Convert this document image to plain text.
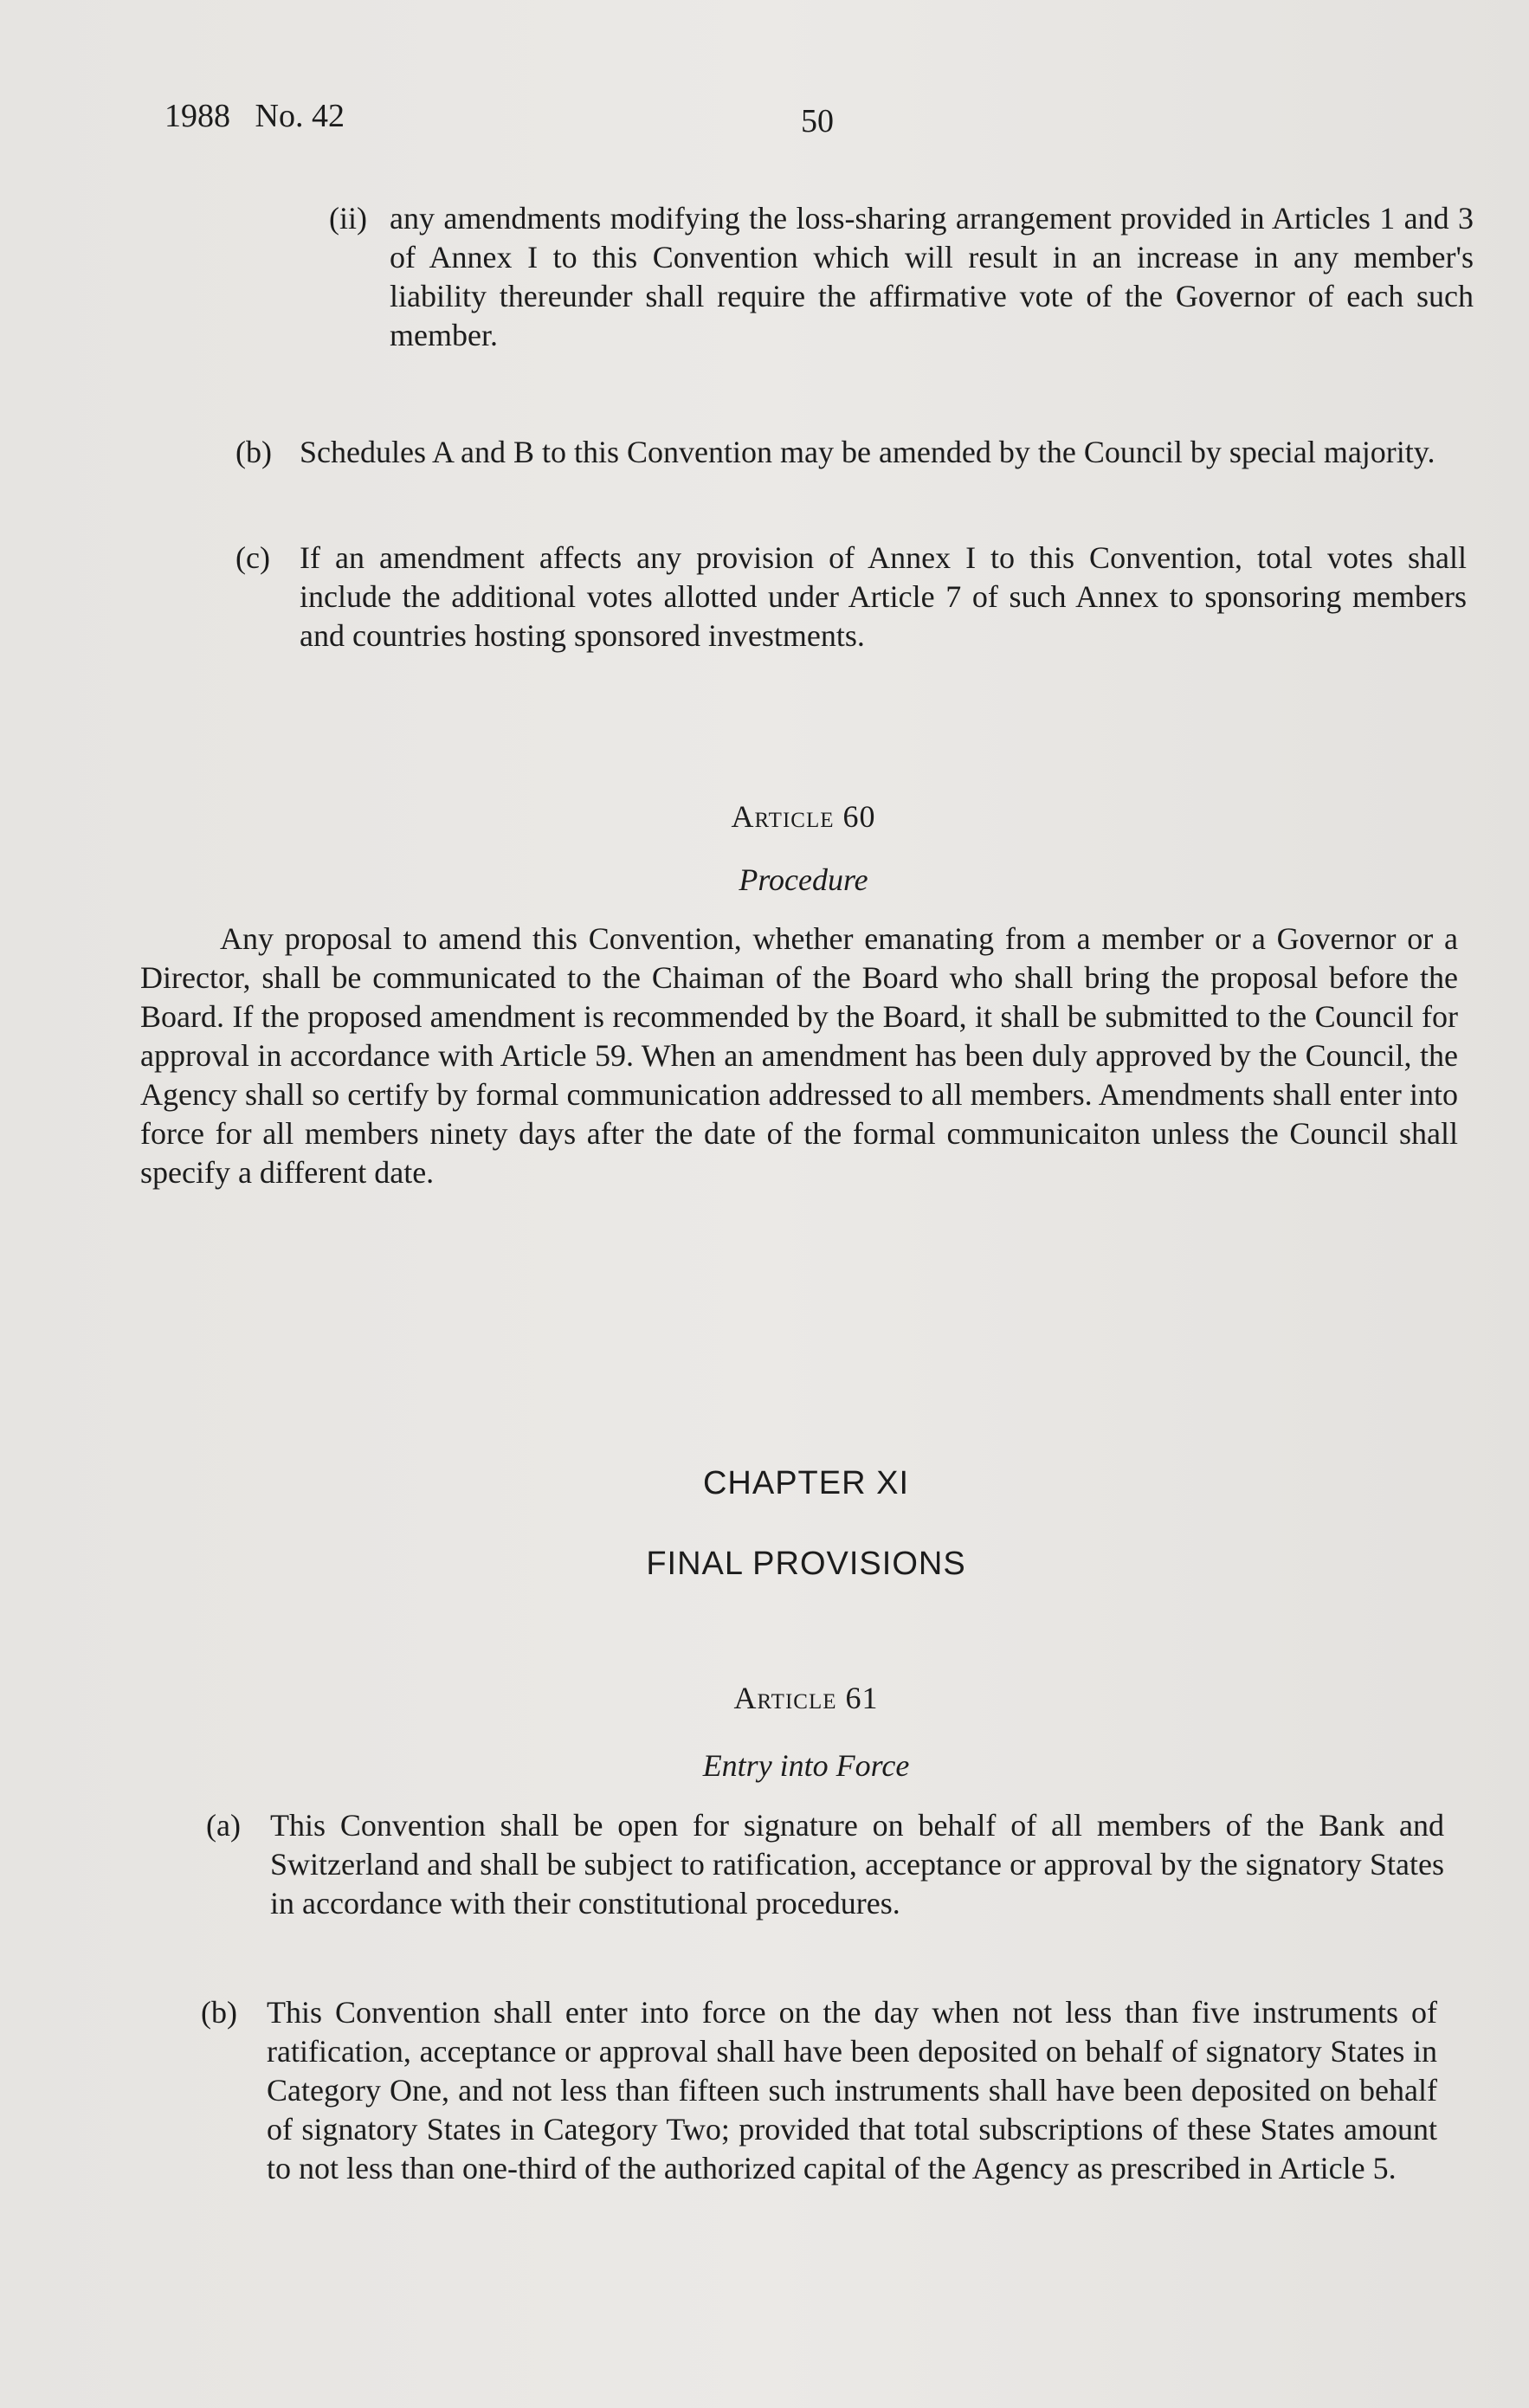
1988   No. 42	50
(ii) any amendments modifying the loss-sharing arrangement provided in Articles 1 and 3 of Annex I to this Convention which will result in an increase in any member's liability thereunder shall require the affirmative vote of the Governor of each such member.
(b) Schedules A and B to this Convention may be amended by the Council by special majority.
(c) If an amendment affects any provision of Annex I to this Convention, total votes shall include the additional votes allotted under Article 7 of such Annex to sponsoring members and countries hosting sponsored investments.
Article 60
Procedure
Any proposal to amend this Convention, whether emanating from a member or a Governor or a Director, shall be communicated to the Chaiman of the Board who shall bring the proposal before the Board. If the proposed amendment is recommended by the Board, it shall be submitted to the Council for approval in accordance with Article 59. When an amendment has been duly approved by the Council, the Agency shall so certify by formal communication addressed to all members. Amendments shall enter into force for all members ninety days after the date of the formal communicaiton unless the Council shall specify a different date.
CHAPTER XI
FINAL PROVISIONS
Article 61
Entry into Force
(a) This Convention shall be open for signature on behalf of all members of the Bank and Switzerland and shall be subject to ratification, acceptance or approval by the signatory States in accordance with their constitutional procedures.
(b) This Convention shall enter into force on the day when not less than five instruments of ratification, acceptance or approval shall have been deposited on behalf of signatory States in Category One, and not less than fifteen such instruments shall have been deposited on behalf of signatory States in Category Two; provided that total subscriptions of these States amount to not less than one-third of the authorized capital of the Agency as prescribed in Article 5.
